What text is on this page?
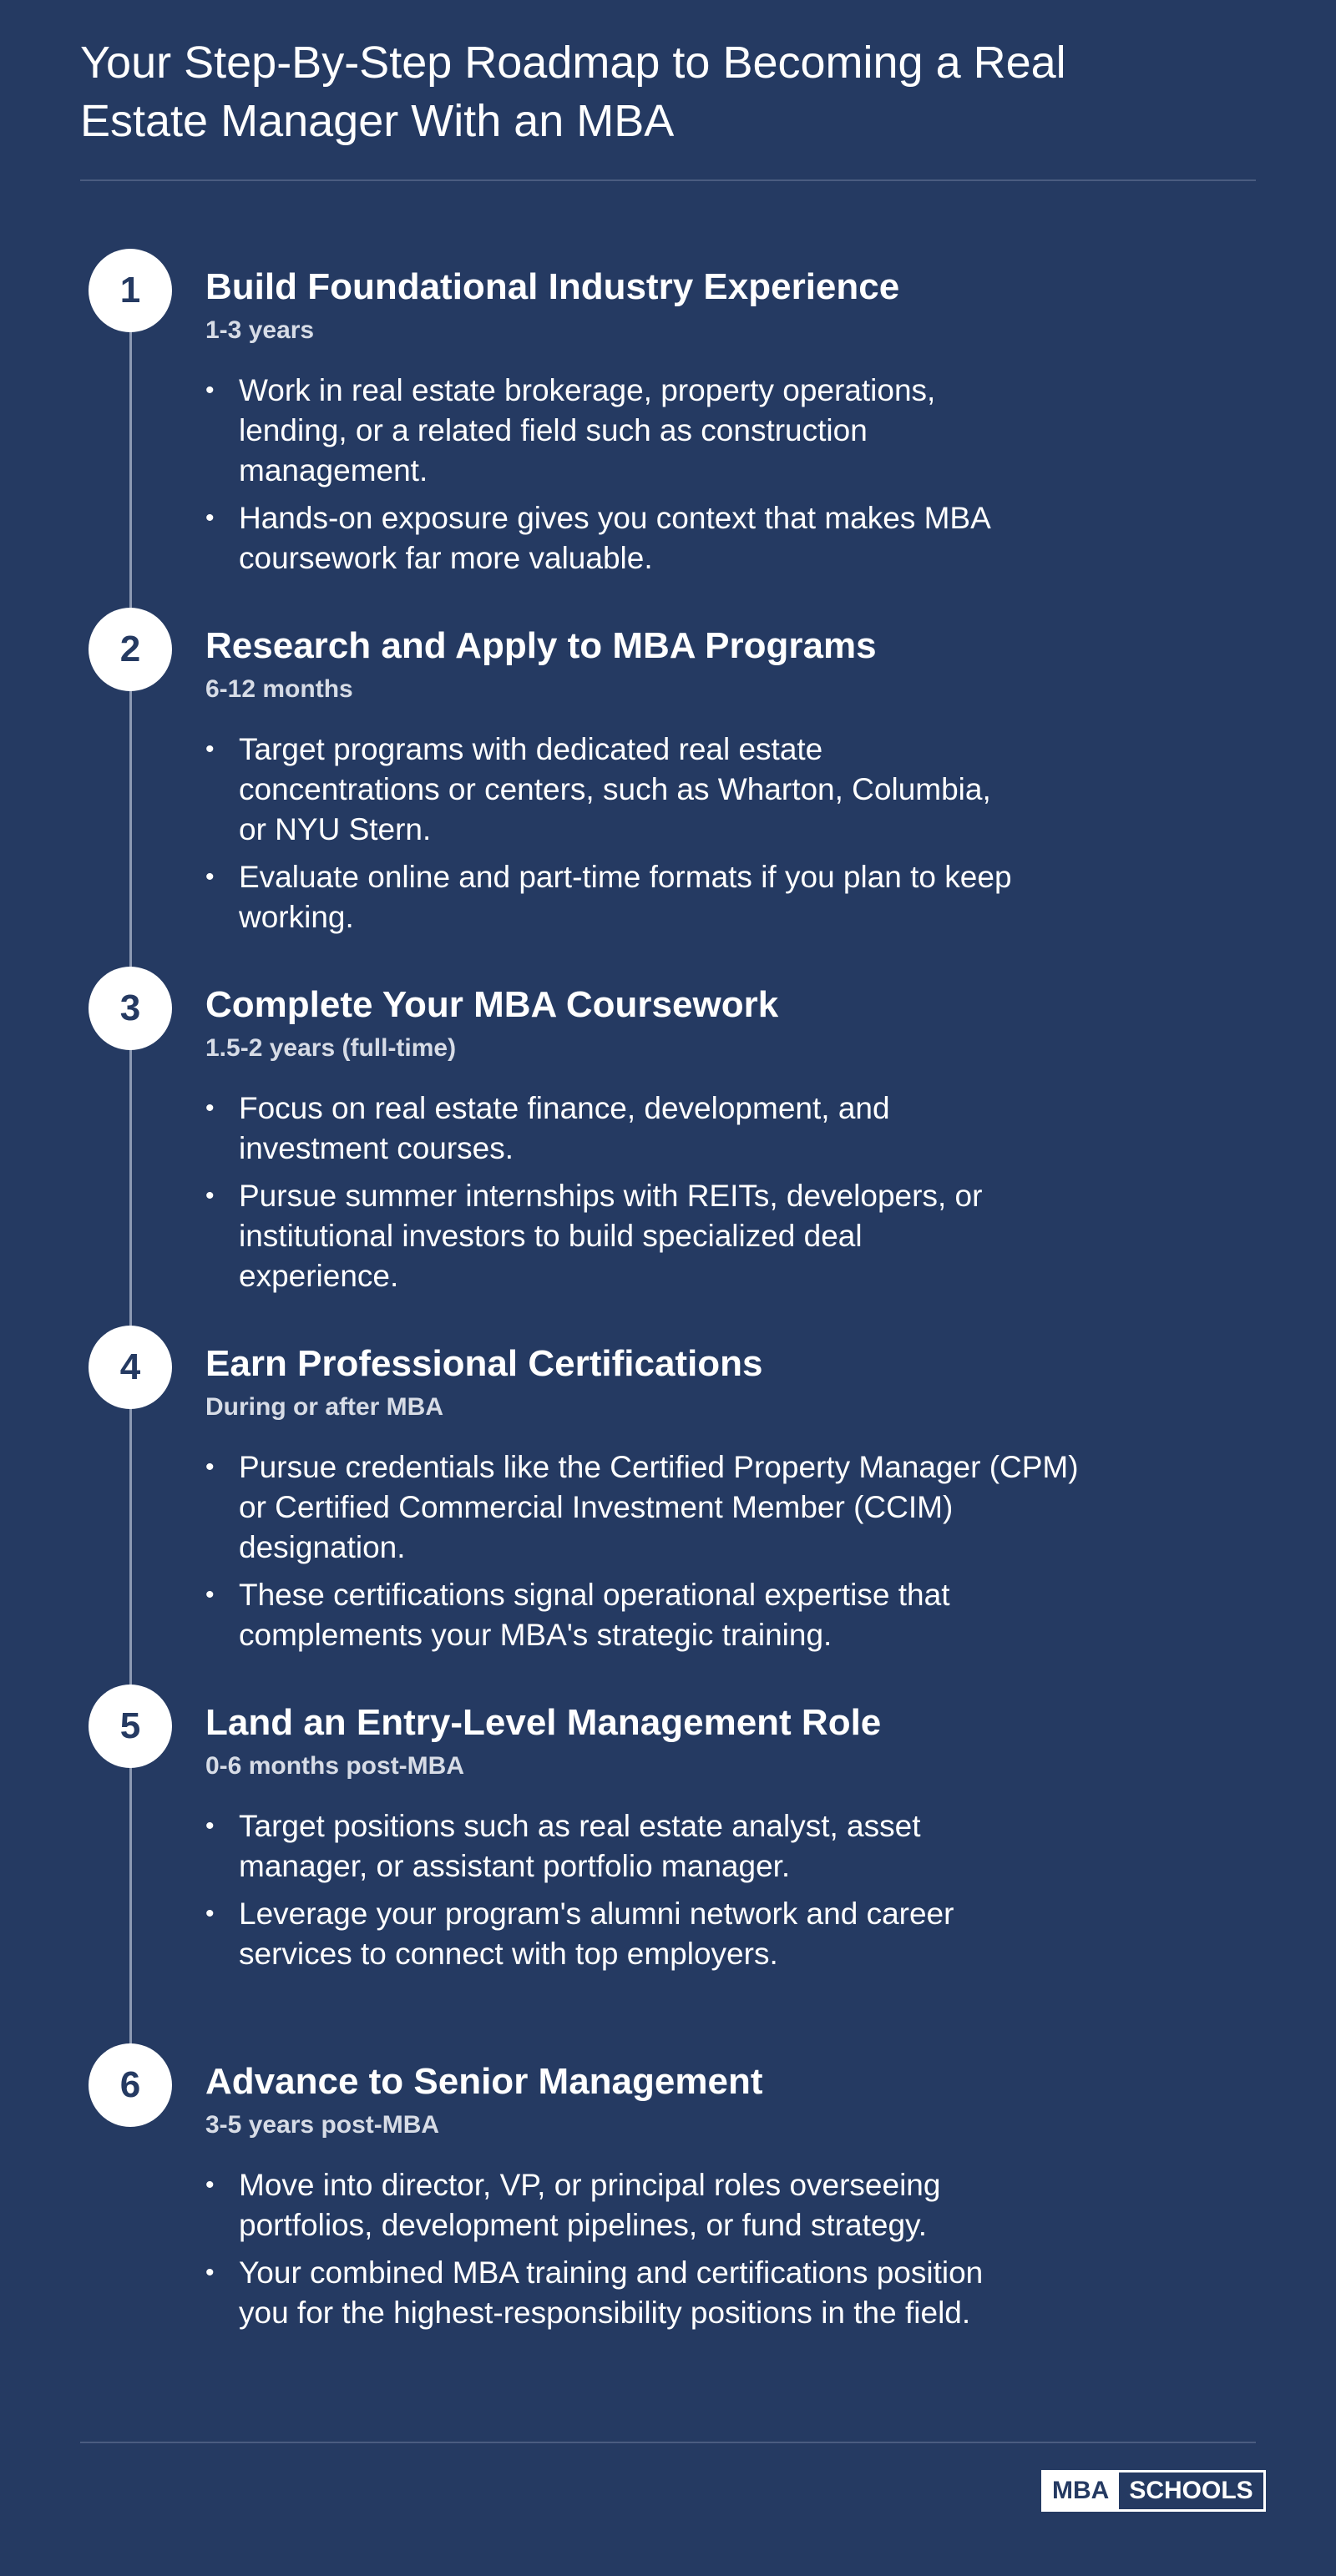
Your Step-By-Step Roadmap to Becoming a Real Estate Manager With an MBA
1	Build Foundational Industry Experience

1-3 years

• Work in real estate brokerage, property operations, lending, or a related field such as construction management.
• Hands-on exposure gives you context that makes MBA coursework far more valuable.
2	Research and Apply to MBA Programs

6-12 months

• Target programs with dedicated real estate concentrations or centers, such as Wharton, Columbia, or NYU Stern.
• Evaluate online and part-time formats if you plan to keep working.
3	Complete Your MBA Coursework

1.5-2 years (full-time)

• Focus on real estate finance, development, and investment courses.
• Pursue summer internships with REITs, developers, or institutional investors to build specialized deal experience.
4	Earn Professional Certifications

During or after MBA

• Pursue credentials like the Certified Property Manager (CPM) or Certified Commercial Investment Member (CCIM) designation.
• These certifications signal operational expertise that complements your MBA's strategic training.
5	Land an Entry-Level Management Role

0-6 months post-MBA

• Target positions such as real estate analyst, asset manager, or assistant portfolio manager.
• Leverage your program's alumni network and career services to connect with top employers.
6	Advance to Senior Management

3-5 years post-MBA

• Move into director, VP, or principal roles overseeing portfolios, development pipelines, or fund strategy.
• Your combined MBA training and certifications position you for the highest-responsibility positions in the field.
MBA SCHOOLS
